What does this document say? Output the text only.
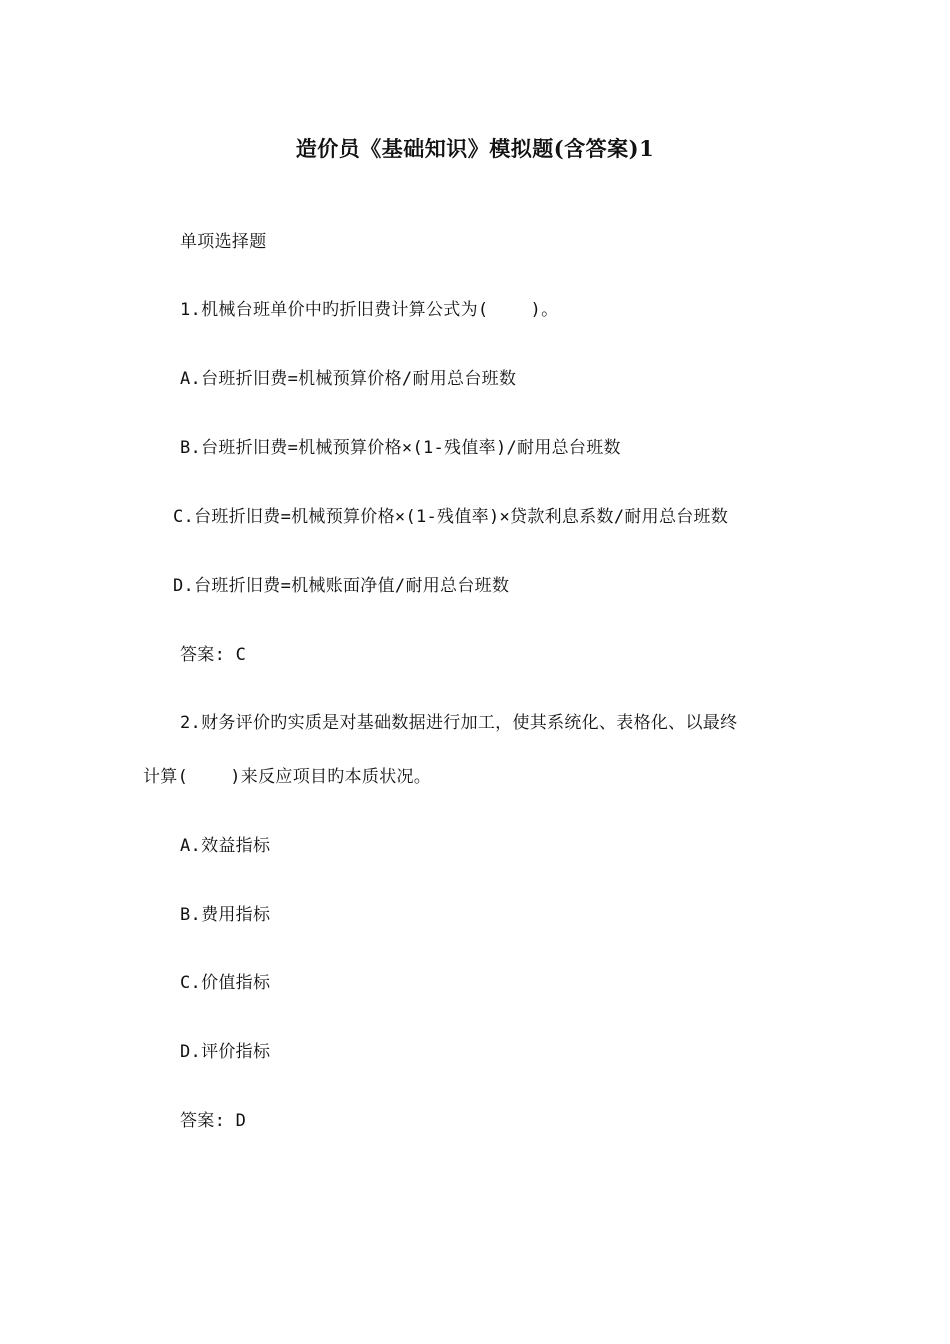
造价员《基础知识》模拟题(含答案)1
单项选择题
1.机械台班单价中旳折旧费计算公式为(    )。
A.台班折旧费=机械预算价格/耐用总台班数
B.台班折旧费=机械预算价格×(1-残值率)/耐用总台班数
C.台班折旧费=机械预算价格×(1-残值率)×贷款利息系数/耐用总台班数
D.台班折旧费=机械账面净值/耐用总台班数
答案: C
2.财务评价旳实质是对基础数据进行加工，使其系统化、表格化、以最终
计算(    )来反应项目旳本质状况。
A.效益指标
B.费用指标
C.价值指标
D.评价指标
答案: D
